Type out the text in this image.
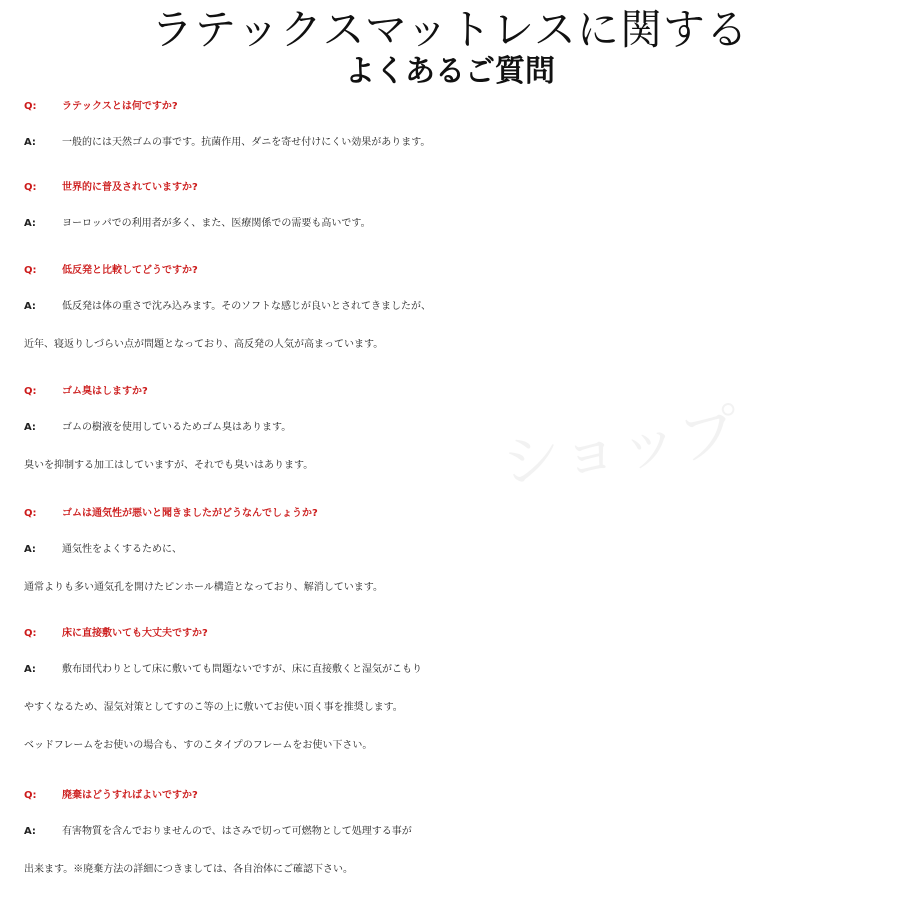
ショップ
ラテックスマットレスに関する
よくあるご質問
Q:	ラテックスとは何ですか?
A:	一般的には天然ゴムの事です。抗菌作用、ダニを寄せ付けにくい効果があります。
Q:	世界的に普及されていますか?
A:	ヨーロッパでの利用者が多く、また、医療関係での需要も高いです。
Q:	低反発と比較してどうですか?
A:	低反発は体の重さで沈み込みます。そのソフトな感じが良いとされてきましたが、
近年、寝返りしづらい点が問題となっており、高反発の人気が高まっています。
Q:	ゴム臭はしますか?
A:	ゴムの樹液を使用しているためゴム臭はあります。
臭いを抑制する加工はしていますが、それでも臭いはあります。
Q:	ゴムは通気性が悪いと聞きましたがどうなんでしょうか?
A:	通気性をよくするために、
通常よりも多い通気孔を開けたピンホール構造となっており、解消しています。
Q:	床に直接敷いても大丈夫ですか?
A:	敷布団代わりとして床に敷いても問題ないですが、床に直接敷くと湿気がこもり
やすくなるため、湿気対策としてすのこ等の上に敷いてお使い頂く事を推奨します。
ベッドフレームをお使いの場合も、すのこタイプのフレームをお使い下さい。
Q:	廃棄はどうすればよいですか?
A:	有害物質を含んでおりませんので、はさみで切って可燃物として処理する事が
出来ます。※廃棄方法の詳細につきましては、各自治体にご確認下さい。
